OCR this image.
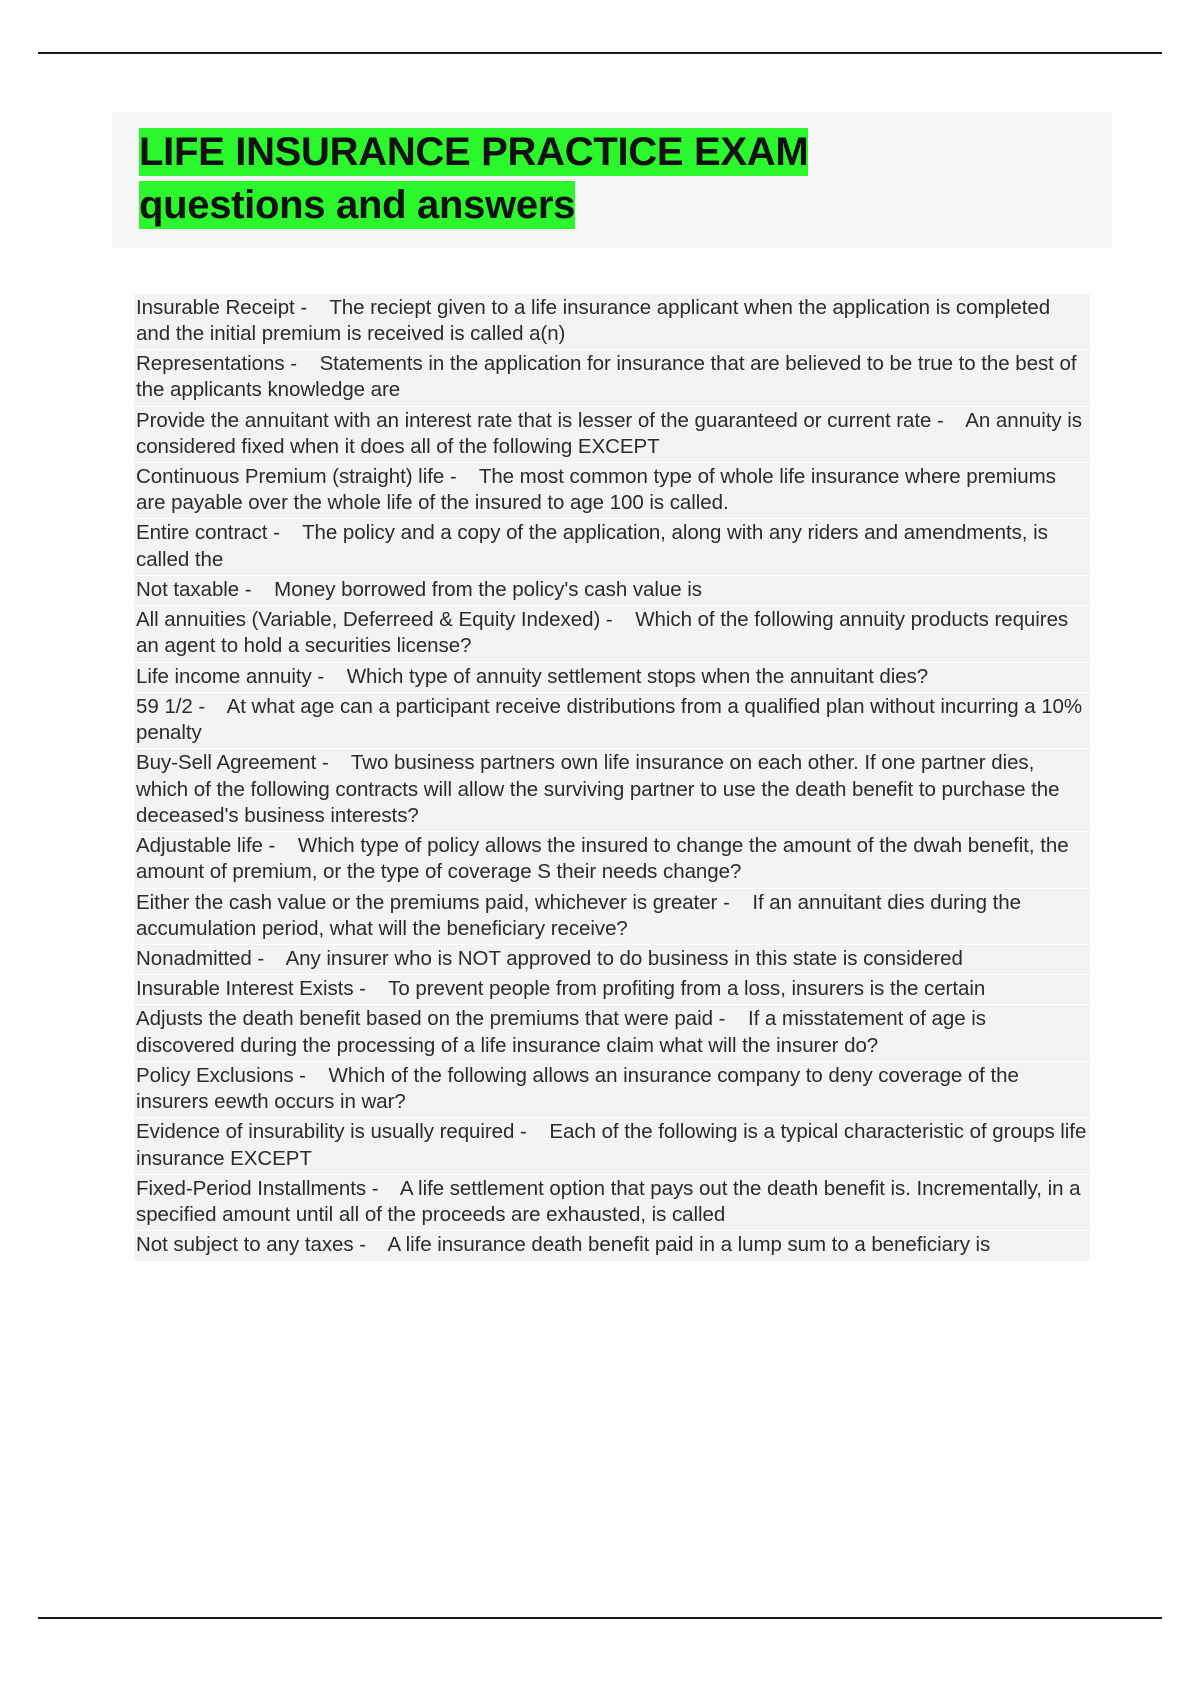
LIFE INSURANCE PRACTICE EXAM
questions and answers
Insurable Receipt -    The reciept given to a life insurance applicant when the application is completed and the initial premium is received is called a(n)
Representations -    Statements in the application for insurance that are believed to be true to the best of the applicants knowledge are
Provide the annuitant with an interest rate that is lesser of the guaranteed or current rate -    An annuity is considered fixed when it does all of the following EXCEPT
Continuous Premium (straight) life -    The most common type of whole life insurance where premiums are payable over the whole life of the insured to age 100 is called.
Entire contract -    The policy and a copy of the application, along with any riders and amendments, is called the
Not taxable -    Money borrowed from the policy's cash value is
All annuities (Variable, Deferreed & Equity Indexed) -    Which of the following annuity products requires an agent to hold a securities license?
Life income annuity -    Which type of annuity settlement stops when the annuitant dies?
59 1/2 -    At what age can a participant receive distributions from a qualified plan without incurring a 10% penalty
Buy-Sell Agreement -    Two business partners own life insurance on each other. If one partner dies, which of the following contracts will allow the surviving partner to use the death benefit to purchase the deceased's business interests?
Adjustable life -    Which type of policy allows the insured to change the amount of the dwah benefit, the amount of premium, or the type of coverage S their needs change?
Either the cash value or the premiums paid, whichever is greater -    If an annuitant dies during the accumulation period, what will the beneficiary receive?
Nonadmitted -    Any insurer who is NOT approved to do business in this state is considered
Insurable Interest Exists -    To prevent people from profiting from a loss, insurers is the certain
Adjusts the death benefit based on the premiums that were paid -    If a misstatement of age is discovered during the processing of a life insurance claim what will the insurer do?
Policy Exclusions -    Which of the following allows an insurance company to deny coverage of the insurers eewth occurs in war?
Evidence of insurability is usually required -    Each of the following is a typical characteristic of groups life insurance EXCEPT
Fixed-Period Installments -    A life settlement option that pays out the death benefit is. Incrementally, in a specified amount until all of the proceeds are exhausted, is called
Not subject to any taxes -    A life insurance death benefit paid in a lump sum to a beneficiary is
